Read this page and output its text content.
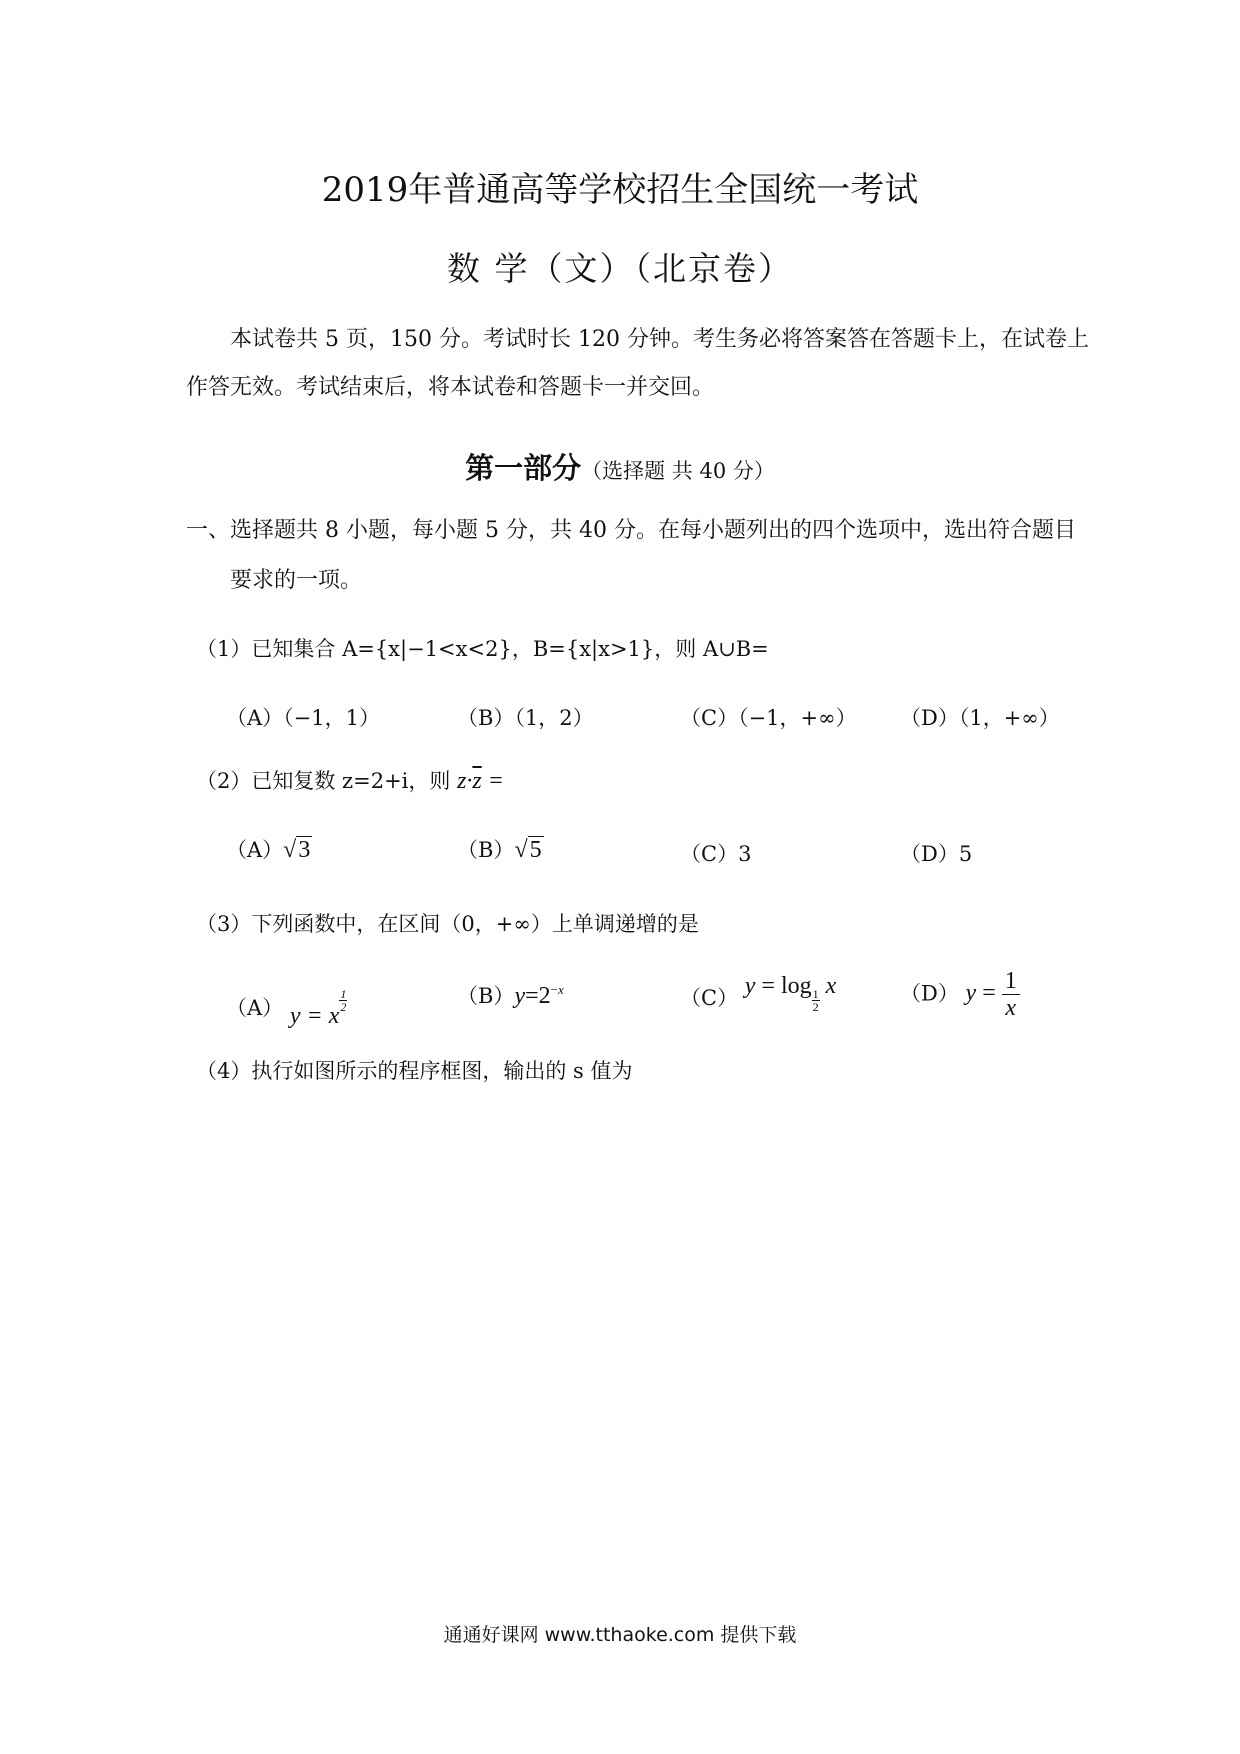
2019年普通高等学校招生全国统一考试
数 学（文）（北京卷）
本试卷共 5 页，150 分。考试时长 120 分钟。考生务必将答案答在答题卡上，在试卷上
作答无效。考试结束后，将本试卷和答题卡一并交回。
第一部分（选择题 共 40 分）
一、选择题共 8 小题，每小题 5 分，共 40 分。在每小题列出的四个选项中，选出符合题目
要求的一项。
（1）已知集合 A={x|−1<x<2}，B={x|x>1}，则 A∪B=
（A）（−1，1）	（B）（1，2）	（C）（−1，+∞） （D）（1，+∞）
（2）已知复数 z=2+i，则 $z\cdot\overline{z}$ =
（A）√3	（B）√5	（C）3	（D）5
（3）下列函数中，在区间（0，+∞）上单调递增的是
（A） y = x
$^{\frac{1}{2}}$	$(B)y=2^{-x}$	（C） y = log
$\frac{1}{2}$
x	（D） $y = \frac{1}{x}$
（4）执行如图所示的程序框图，输出的 s 值为
通通好课网 www.tthaoke.com 提供下载
